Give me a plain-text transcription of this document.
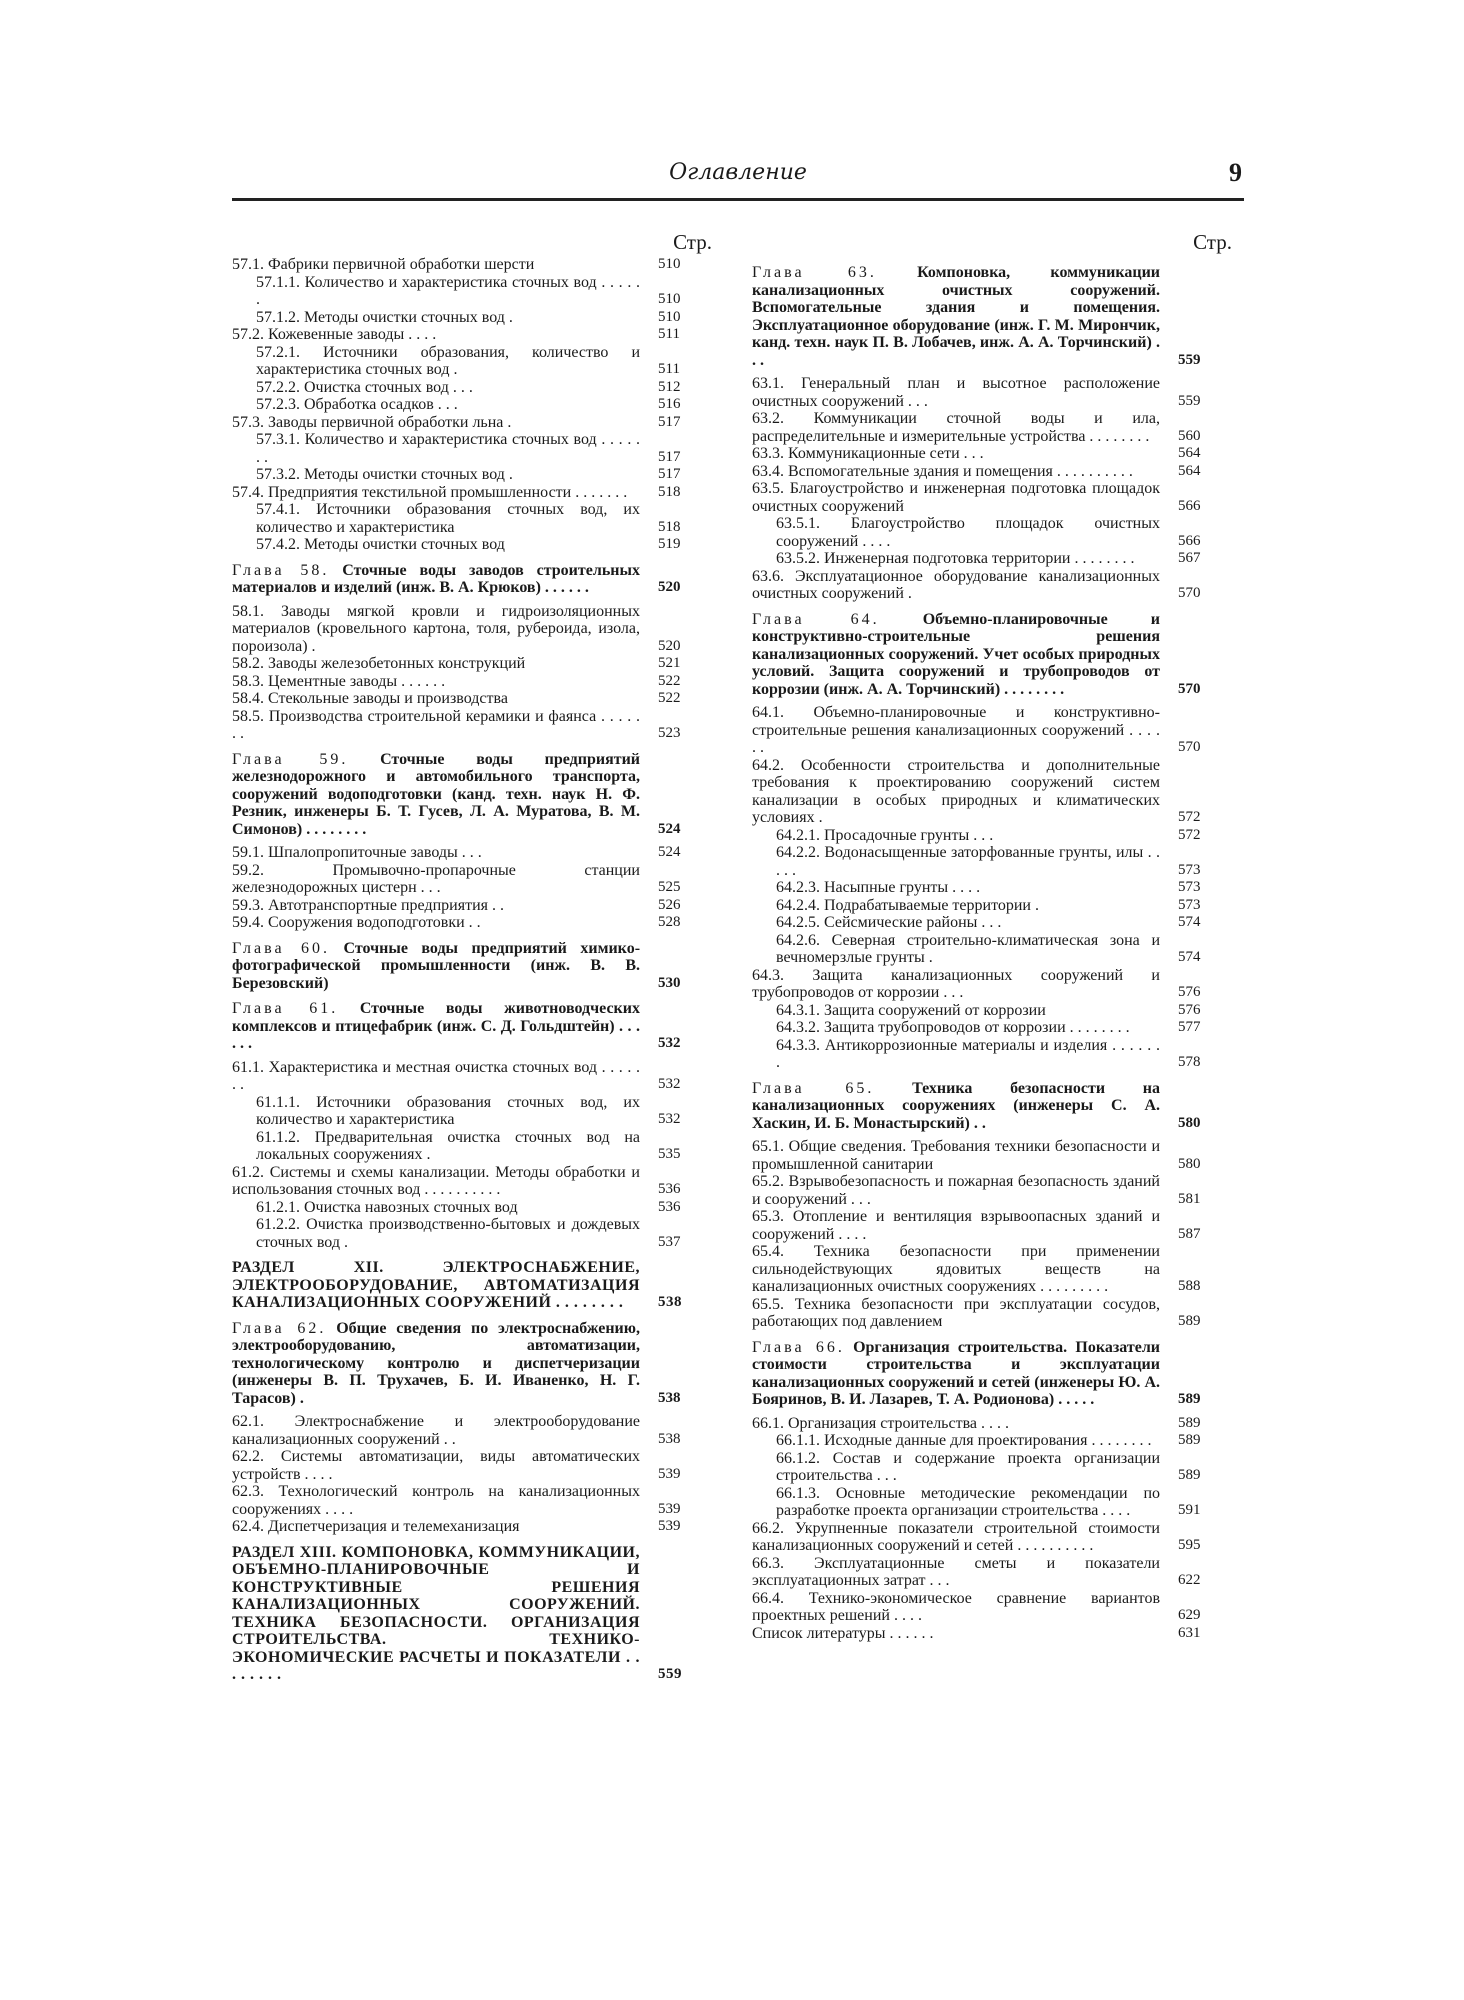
Оглавление	9
Стр.
57.1. Фабрики первичной обработки шерсти	510
57.1.1. Количество и характеристика сточных вод . . . . . .	510
57.1.2. Методы очистки сточных вод .	510
57.2. Кожевенные заводы . . . .	511
57.2.1. Источники образования, количество и характеристика сточных вод .	511
57.2.2. Очистка сточных вод . . .	512
57.2.3. Обработка осадков . . .	516
57.3. Заводы первичной обработки льна .	517
57.3.1. Количество и характеристика сточных вод . . . . . . .	517
57.3.2. Методы очистки сточных вод .	517
57.4. Предприятия текстильной промышленности . . . . . . . 518
57.4.1. Источники образования сточных вод, их количество и характеристика	518
57.4.2. Методы очистки сточных вод	519
Глава 58. Сточные воды заводов строительных материалов и изделий (инж. В. А. Крюков) . . . . . .	520
58.1. Заводы мягкой кровли и гидроизоляционных материалов (кровельного картона, толя, рубероида, изола, пороизола) .	520
58.2. Заводы железобетонных конструкций	521
58.3. Цементные заводы . . . . . .	522
58.4. Стекольные заводы и производства	522
58.5. Производства строительной керамики и фаянса . . . . . . .	523
Глава 59. Сточные воды предприятий железнодорожного и автомобильного транспорта, сооружений водоподготовки (канд. техн. наук Н. Ф. Резник, инженеры Б. Т. Гусев, Л. А. Муратова, В. М. Симонов) . . . . . . . .	524
59.1. Шпалопропиточные заводы . . .	524
59.2. Промывочно-пропарочные станции железнодорожных цистерн . . .	525
59.3. Автотранспортные предприятия . .	526
59.4. Сооружения водоподготовки . .	528
Глава 60. Сточные воды предприятий химико-фотографической промышленности (инж. В. В. Березовский)	530
Глава 61. Сточные воды животноводческих комплексов и птицефабрик (инж. С. Д. Гольдштейн) . . . . . .	532
61.1. Характеристика и местная очистка сточных вод . . . . . . .	532
61.1.1. Источники образования сточных вод, их количество и характеристика	532
61.1.2. Предварительная очистка сточных вод на локальных сооружениях .	535
61.2. Системы и схемы канализации. Методы обработки и использования сточных вод . . . . . . . . . .	536
61.2.1. Очистка навозных сточных вод	536
61.2.2. Очистка производственно-бытовых и дождевых сточных вод .	537
РАЗДЕЛ XII. ЭЛЕКТРОСНАБЖЕНИЕ, ЭЛЕКТРООБОРУДОВАНИЕ, АВТОМАТИЗАЦИЯ КАНАЛИЗАЦИОННЫХ СООРУЖЕНИЙ . . . . . . . . 538
Глава 62. Общие сведения по электроснабжению, электрооборудованию, автоматизации, технологическому контролю и диспетчеризации (инженеры В. П. Трухачев, Б. И. Иваненко, Н. Г. Тарасов) .	538
62.1. Электроснабжение и электрооборудование канализационных сооружений . .	538
62.2. Системы автоматизации, виды автоматических устройств . . . .	539
62.3. Технологический контроль на канализационных сооружениях . . . .	539
62.4. Диспетчеризация и телемеханизация	539
РАЗДЕЛ XIII. КОМПОНОВКА, КОММУНИКАЦИИ, ОБЪЕМНО-ПЛАНИРОВОЧНЫЕ И КОНСТРУКТИВНЫЕ РЕШЕНИЯ КАНАЛИЗАЦИОННЫХ СООРУЖЕНИЙ. ТЕХНИКА БЕЗОПАСНОСТИ. ОРГАНИЗАЦИЯ СТРОИТЕЛЬСТВА. ТЕХНИКО-ЭКОНОМИЧЕСКИЕ РАСЧЕТЫ И ПОКАЗАТЕЛИ . . . . . . . .	559
Стр.
Глава 63.	Компоновка, коммуникации канализационных очистных сооружений. Вспомогательные здания и помещения. Эксплуатационное оборудование (инж. Г. М. Мирончик, канд. техн. наук П. В. Лобачев, инж. А. А. Торчинский) . . .	559
63.1. Генеральный план и высотное расположение очистных сооружений . . .	559
63.2. Коммуникации сточной воды и ила, распределительные и измерительные устройства . . . . . . . . 560
63.3. Коммуникационные сети . . .	564
63.4. Вспомогательные здания и помещения . . . . . . . . . .	564
63.5. Благоустройство и инженерная подготовка площадок очистных сооружений	566
63.5.1. Благоустройство площадок очистных сооружений . . . .	566
63.5.2. Инженерная подготовка территории . . . . . . . .	567
63.6. Эксплуатационное оборудование канализационных очистных сооружений .	570
Глава 64.	Объемно-планировочные и конструктивно-строительные решения канализационных сооружений. Учет особых природных условий. Защита сооружений и трубопроводов от коррозии (инж. А. А. Торчинский) . . . . . . . .	570
64.1. Объемно-планировочные и конструктивно-строительные решения канализационных сооружений . . . . . .	570
64.2. Особенности строительства и дополнительные требования к проектированию сооружений систем канализации в особых природных и климатических условиях .	572
64.2.1. Просадочные грунты . . .	572
64.2.2. Водонасыщенные заторфованные грунты, илы . . . . .	573
64.2.3. Насыпные грунты . . . .	573
64.2.4. Подрабатываемые территории .	573
64.2.5. Сейсмические районы . . .	574
64.2.6. Северная строительно-климатическая зона и вечномерзлые грунты .	574
64.3. Защита канализационных сооружений и трубопроводов от коррозии . . .	576
64.3.1. Защита сооружений от коррозии	576
64.3.2. Защита трубопроводов от коррозии . . . . . . . .	577
64.3.3. Антикоррозионные материалы и изделия . . . . . . .	578
Глава 65. Техника безопасности на канализационных сооружениях (инженеры С. А. Хаскин, И. Б. Монастырский) . .	580
65.1. Общие сведения. Требования техники безопасности и промышленной санитарии	580
65.2. Взрывобезопасность и пожарная безопасность зданий и сооружений . . .	581
65.3. Отопление и вентиляция взрывоопасных зданий и сооружений . . . .	587
65.4. Техника безопасности при применении сильнодействующих ядовитых веществ на канализационных очистных сооружениях . . . . . . . . .	588
65.5. Техника безопасности при эксплуатации сосудов, работающих под давлением	589
Глава 66. Организация строительства. Показатели стоимости строительства и эксплуатации канализационных сооружений и сетей (инженеры Ю. А. Бояринов, В. И. Лазарев, Т. А. Родионова) . . . . .	589
66.1. Организация строительства . . . .	589
66.1.1. Исходные данные для проектирования . . . . . . . . 589
66.1.2. Состав и содержание проекта организации строительства . . .	589
66.1.3. Основные методические рекомендации по разработке проекта организации строительства . . . .	591
66.2. Укрупненные показатели строительной стоимости канализационных сооружений и сетей . . . . . . . . . .	595
66.3. Эксплуатационные сметы и показатели эксплуатационных затрат . . .	622
66.4. Технико-экономическое сравнение вариантов проектных решений . . . .	629
Список литературы . . . . . .	631
